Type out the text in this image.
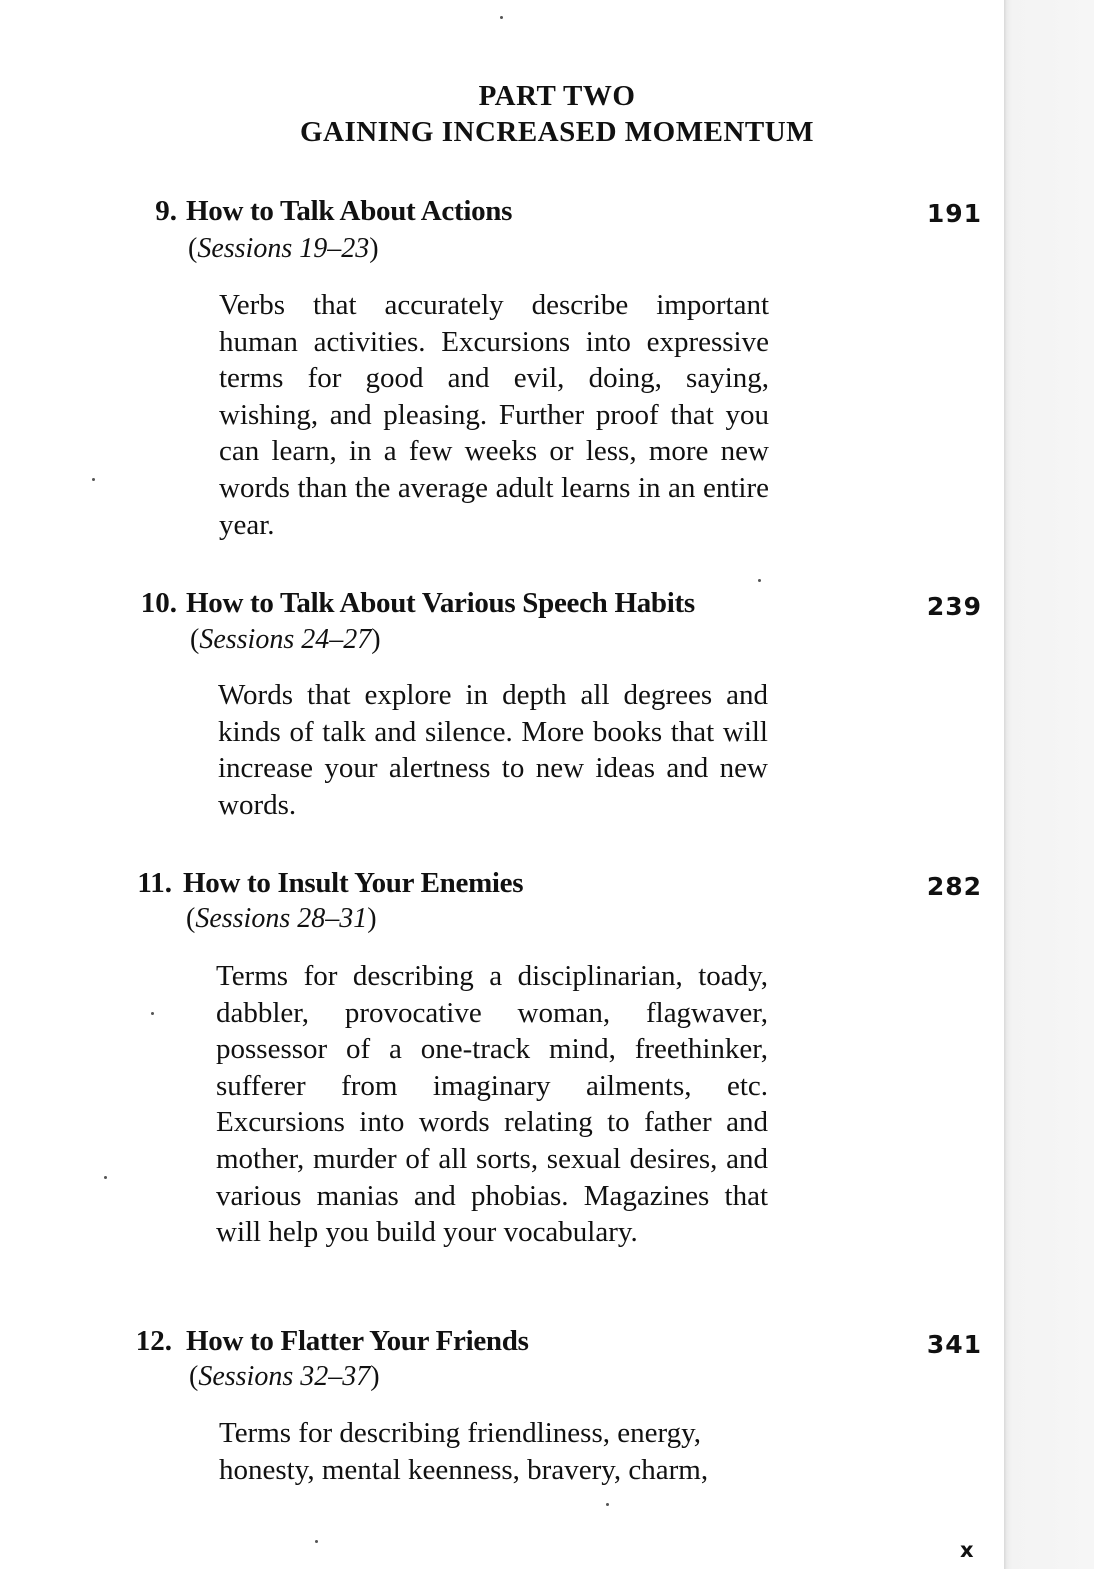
PART TWO
GAINING INCREASED MOMENTUM
9. How to Talk About Actions	191
(Sessions 19–23)
Verbs that accurately describe important human activities. Excursions into expressive terms for good and evil, doing, saying, wishing, and pleasing. Further proof that you can learn, in a few weeks or less, more new words than the average adult learns in an entire year.
10. How to Talk About Various Speech Habits	239
(Sessions 24–27)
Words that explore in depth all degrees and kinds of talk and silence. More books that will increase your alertness to new ideas and new words.
11. How to Insult Your Enemies	282
(Sessions 28–31)
Terms for describing a disciplinarian, toady, dabbler, provocative woman, flagwaver, possessor of a one-track mind, freethinker, sufferer from imaginary ailments, etc. Excursions into words relating to father and mother, murder of all sorts, sexual desires, and various manias and phobias. Magazines that will help you build your vocabulary.
12. How to Flatter Your Friends	341
(Sessions 32–37)
Terms for describing friendliness, energy, honesty, mental keenness, bravery, charm,
x
